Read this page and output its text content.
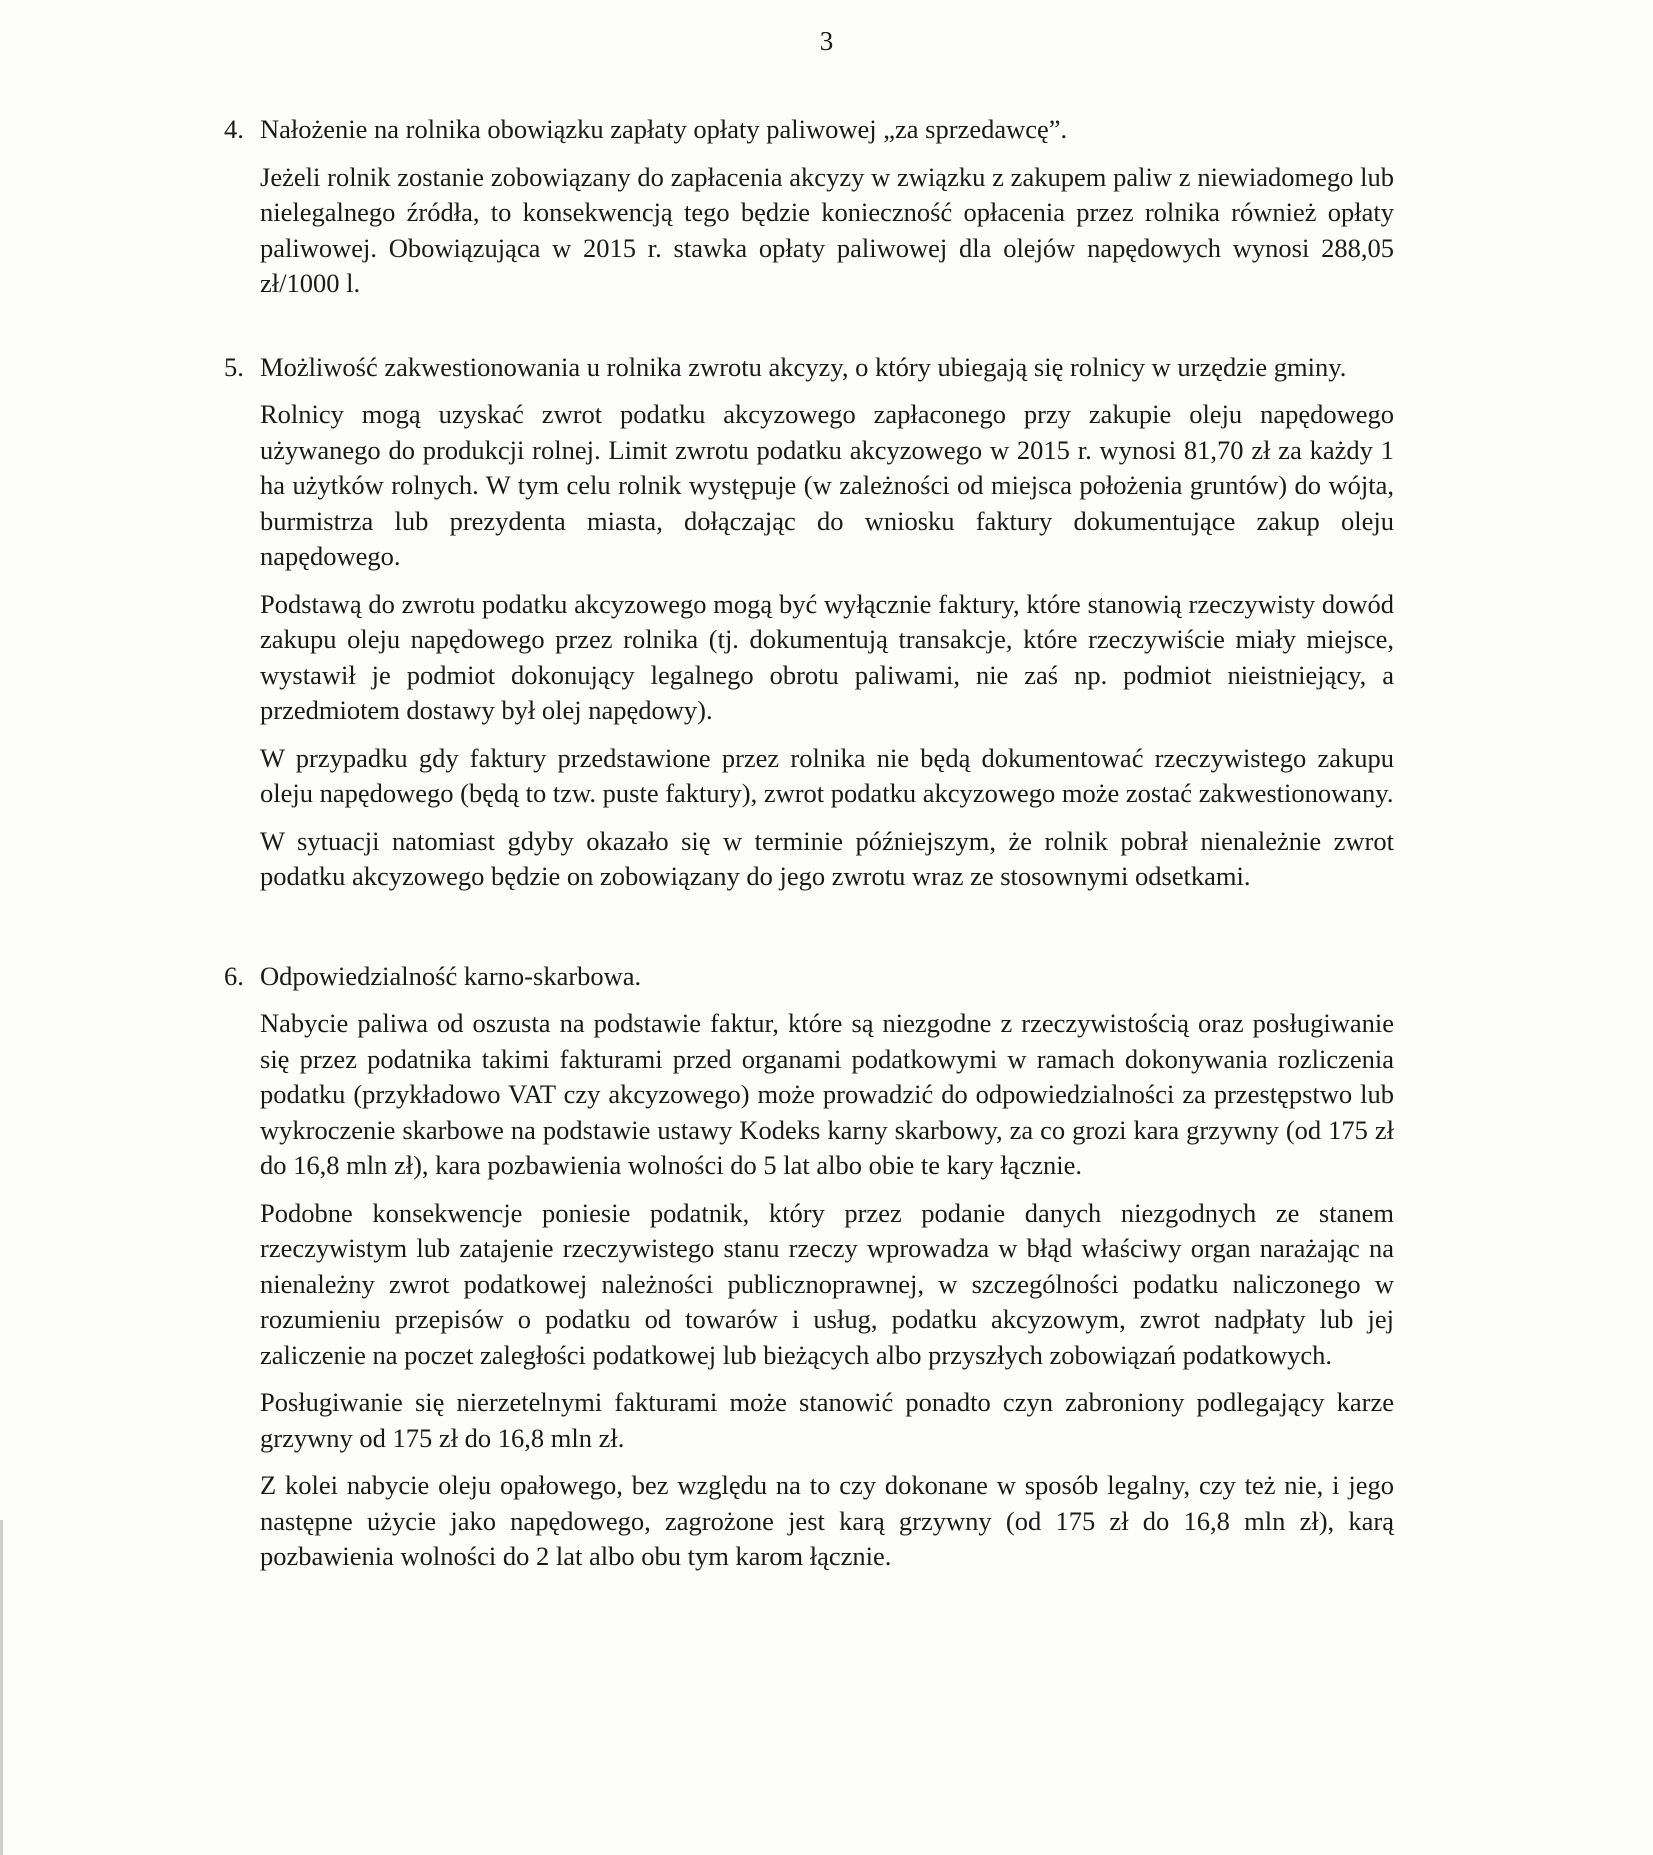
3
4. Nałożenie na rolnika obowiązku zapłaty opłaty paliwowej „za sprzedawcę”.

Jeżeli rolnik zostanie zobowiązany do zapłacenia akcyzy w związku z zakupem paliw z niewiadomego lub nielegalnego źródła, to konsekwencją tego będzie konieczność opłacenia przez rolnika również opłaty paliwowej. Obowiązująca w 2015 r. stawka opłaty paliwowej dla olejów napędowych wynosi 288,05 zł/1000 l.

5. Możliwość zakwestionowania u rolnika zwrotu akcyzy, o który ubiegają się rolnicy w urzędzie gminy.

Rolnicy mogą uzyskać zwrot podatku akcyzowego zapłaconego przy zakupie oleju napędowego używanego do produkcji rolnej. Limit zwrotu podatku akcyzowego w 2015 r. wynosi 81,70 zł za każdy 1 ha użytków rolnych. W tym celu rolnik występuje (w zależności od miejsca położenia gruntów) do wójta, burmistrza lub prezydenta miasta, dołączając do wniosku faktury dokumentujące zakup oleju napędowego.

Podstawą do zwrotu podatku akcyzowego mogą być wyłącznie faktury, które stanowią rzeczywisty dowód zakupu oleju napędowego przez rolnika (tj. dokumentują transakcje, które rzeczywiście miały miejsce, wystawił je podmiot dokonujący legalnego obrotu paliwami, nie zaś np. podmiot nieistniejący, a przedmiotem dostawy był olej napędowy).

W przypadku gdy faktury przedstawione przez rolnika nie będą dokumentować rzeczywistego zakupu oleju napędowego (będą to tzw. puste faktury), zwrot podatku akcyzowego może zostać zakwestionowany.

W sytuacji natomiast gdyby okazało się w terminie późniejszym, że rolnik pobrał nienależnie zwrot podatku akcyzowego będzie on zobowiązany do jego zwrotu wraz ze stosownymi odsetkami.

6. Odpowiedzialność karno-skarbowa.

Nabycie paliwa od oszusta na podstawie faktur, które są niezgodne z rzeczywistością oraz posługiwanie się przez podatnika takimi fakturami przed organami podatkowymi w ramach dokonywania rozliczenia podatku (przykładowo VAT czy akcyzowego) może prowadzić do odpowiedzialności za przestępstwo lub wykroczenie skarbowe na podstawie ustawy Kodeks karny skarbowy, za co grozi kara grzywny (od 175 zł do 16,8 mln zł), kara pozbawienia wolności do 5 lat albo obie te kary łącznie.

Podobne konsekwencje poniesie podatnik, który przez podanie danych niezgodnych ze stanem rzeczywistym lub zatajenie rzeczywistego stanu rzeczy wprowadza w błąd właściwy organ narażając na nienależny zwrot podatkowej należności publicznoprawnej, w szczególności podatku naliczonego w rozumieniu przepisów o podatku od towarów i usług, podatku akcyzowym, zwrot nadpłaty lub jej zaliczenie na poczet zaległości podatkowej lub bieżących albo przyszłych zobowiązań podatkowych.

Posługiwanie się nierzetelnymi fakturami może stanowić ponadto czyn zabroniony podlegający karze grzywny od 175 zł do 16,8 mln zł.

Z kolei nabycie oleju opałowego, bez względu na to czy dokonane w sposób legalny, czy też nie, i jego następne użycie jako napędowego, zagrożone jest karą grzywny (od 175 zł do 16,8 mln zł), karą pozbawienia wolności do 2 lat albo obu tym karom łącznie.
